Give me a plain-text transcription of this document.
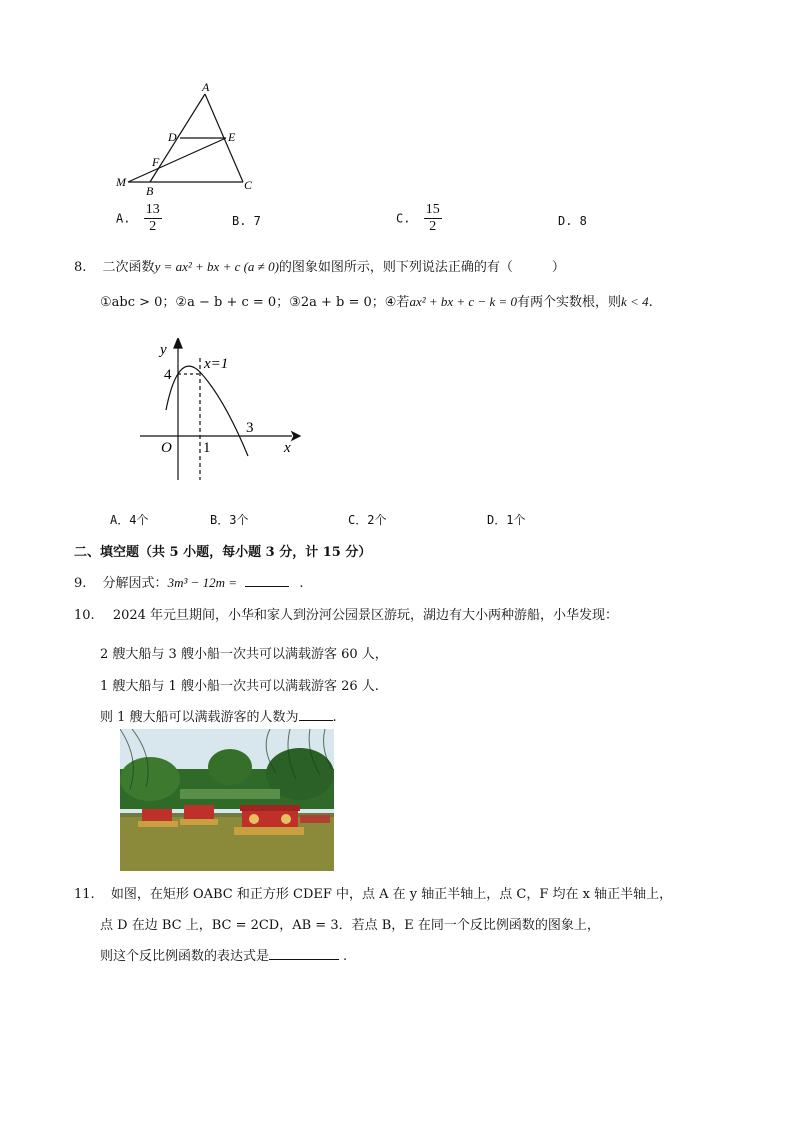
A
D	E
F
M
B	C
A. $\frac{13}{2}$	B. 7	C. $\frac{15}{2}$	D. 8
8. 二次函数y = ax² + bx + c (a ≠ 0)的图象如图所示，则下列说法正确的有（　　　）
①abc > 0；②a − b + c = 0；③2a + b = 0；④若ax² + bx + c − k = 0有两个实数根，则k < 4.
y
x=1
4
3
O 1	x
A．4个	B．3个	C．2个	D．1个
二、填空题（共 5 小题，每小题 3 分，计 15 分）
9. 分解因式：3m³ − 12m =	.
10. 2024 年元旦期间，小华和家人到汾河公园景区游玩，湖边有大小两种游船，小华发现：
2 艘大船与 3 艘小船一次共可以满载游客 60 人，
1 艘大船与 1 艘小船一次共可以满载游客 26 人.
则 1 艘大船可以满载游客的人数为	.
11. 如图，在矩形 OABC 和正方形 CDEF 中，点 A 在 y 轴正半轴上，点 C，F 均在 x 轴正半轴上，
点 D 在边 BC 上，BC = 2CD，AB = 3．若点 B，E 在同一个反比例函数的图象上，
则这个反比例函数的表达式是	.
